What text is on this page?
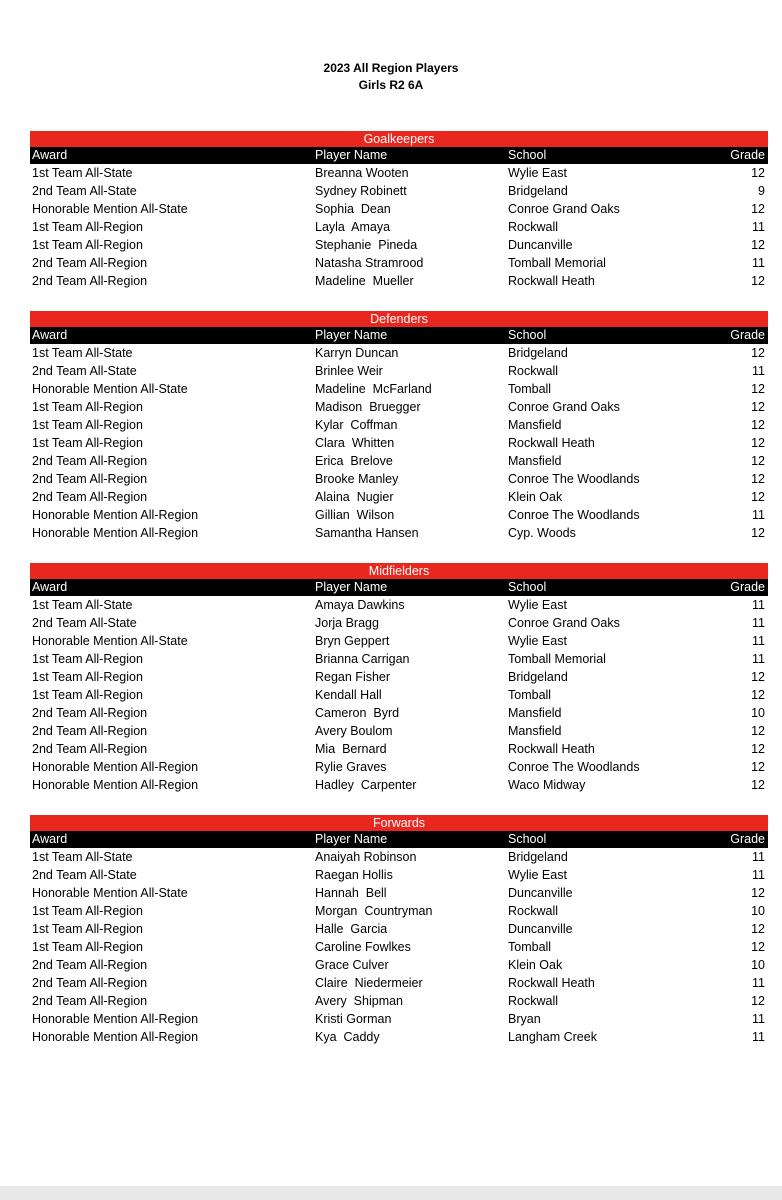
2023 All Region Players
Girls R2 6A
Goalkeepers
Award	Player Name	School	Grade
1st Team All-State	Breanna Wooten	Wylie East	12
2nd Team All-State	Sydney Robinett	Bridgeland	9
Honorable Mention All-State	Sophia  Dean	Conroe Grand Oaks	12
1st Team All-Region	Layla  Amaya	Rockwall	11
1st Team All-Region	Stephanie  Pineda	Duncanville	12
2nd Team All-Region	Natasha Stramrood	Tomball Memorial	11
2nd Team All-Region	Madeline  Mueller	Rockwall Heath	12
Defenders
Award	Player Name	School	Grade
1st Team All-State	Karryn Duncan	Bridgeland	12
2nd Team All-State	Brinlee Weir	Rockwall	11
Honorable Mention All-State	Madeline  McFarland	Tomball	12
1st Team All-Region	Madison  Bruegger	Conroe Grand Oaks	12
1st Team All-Region	Kylar  Coffman	Mansfield	12
1st Team All-Region	Clara  Whitten	Rockwall Heath	12
2nd Team All-Region	Erica  Brelove	Mansfield	12
2nd Team All-Region	Brooke Manley	Conroe The Woodlands	12
2nd Team All-Region	Alaina  Nugier	Klein Oak	12
Honorable Mention All-Region	Gillian  Wilson	Conroe The Woodlands	11
Honorable Mention All-Region	Samantha Hansen	Cyp. Woods	12
Midfielders
Award	Player Name	School	Grade
1st Team All-State	Amaya Dawkins	Wylie East	11
2nd Team All-State	Jorja Bragg	Conroe Grand Oaks	11
Honorable Mention All-State	Bryn Geppert	Wylie East	11
1st Team All-Region	Brianna Carrigan	Tomball Memorial	11
1st Team All-Region	Regan Fisher	Bridgeland	12
1st Team All-Region	Kendall Hall	Tomball	12
2nd Team All-Region	Cameron  Byrd	Mansfield	10
2nd Team All-Region	Avery Boulom	Mansfield	12
2nd Team All-Region	Mia  Bernard	Rockwall Heath	12
Honorable Mention All-Region	Rylie Graves	Conroe The Woodlands	12
Honorable Mention All-Region	Hadley  Carpenter	Waco Midway	12
Forwards
Award	Player Name	School	Grade
1st Team All-State	Anaiyah Robinson	Bridgeland	11
2nd Team All-State	Raegan Hollis	Wylie East	11
Honorable Mention All-State	Hannah  Bell	Duncanville	12
1st Team All-Region	Morgan  Countryman	Rockwall	10
1st Team All-Region	Halle  Garcia	Duncanville	12
1st Team All-Region	Caroline Fowlkes	Tomball	12
2nd Team All-Region	Grace Culver	Klein Oak	10
2nd Team All-Region	Claire  Niedermeier	Rockwall Heath	11
2nd Team All-Region	Avery  Shipman	Rockwall	12
Honorable Mention All-Region	Kristi Gorman	Bryan	11
Honorable Mention All-Region	Kya  Caddy	Langham Creek	11
